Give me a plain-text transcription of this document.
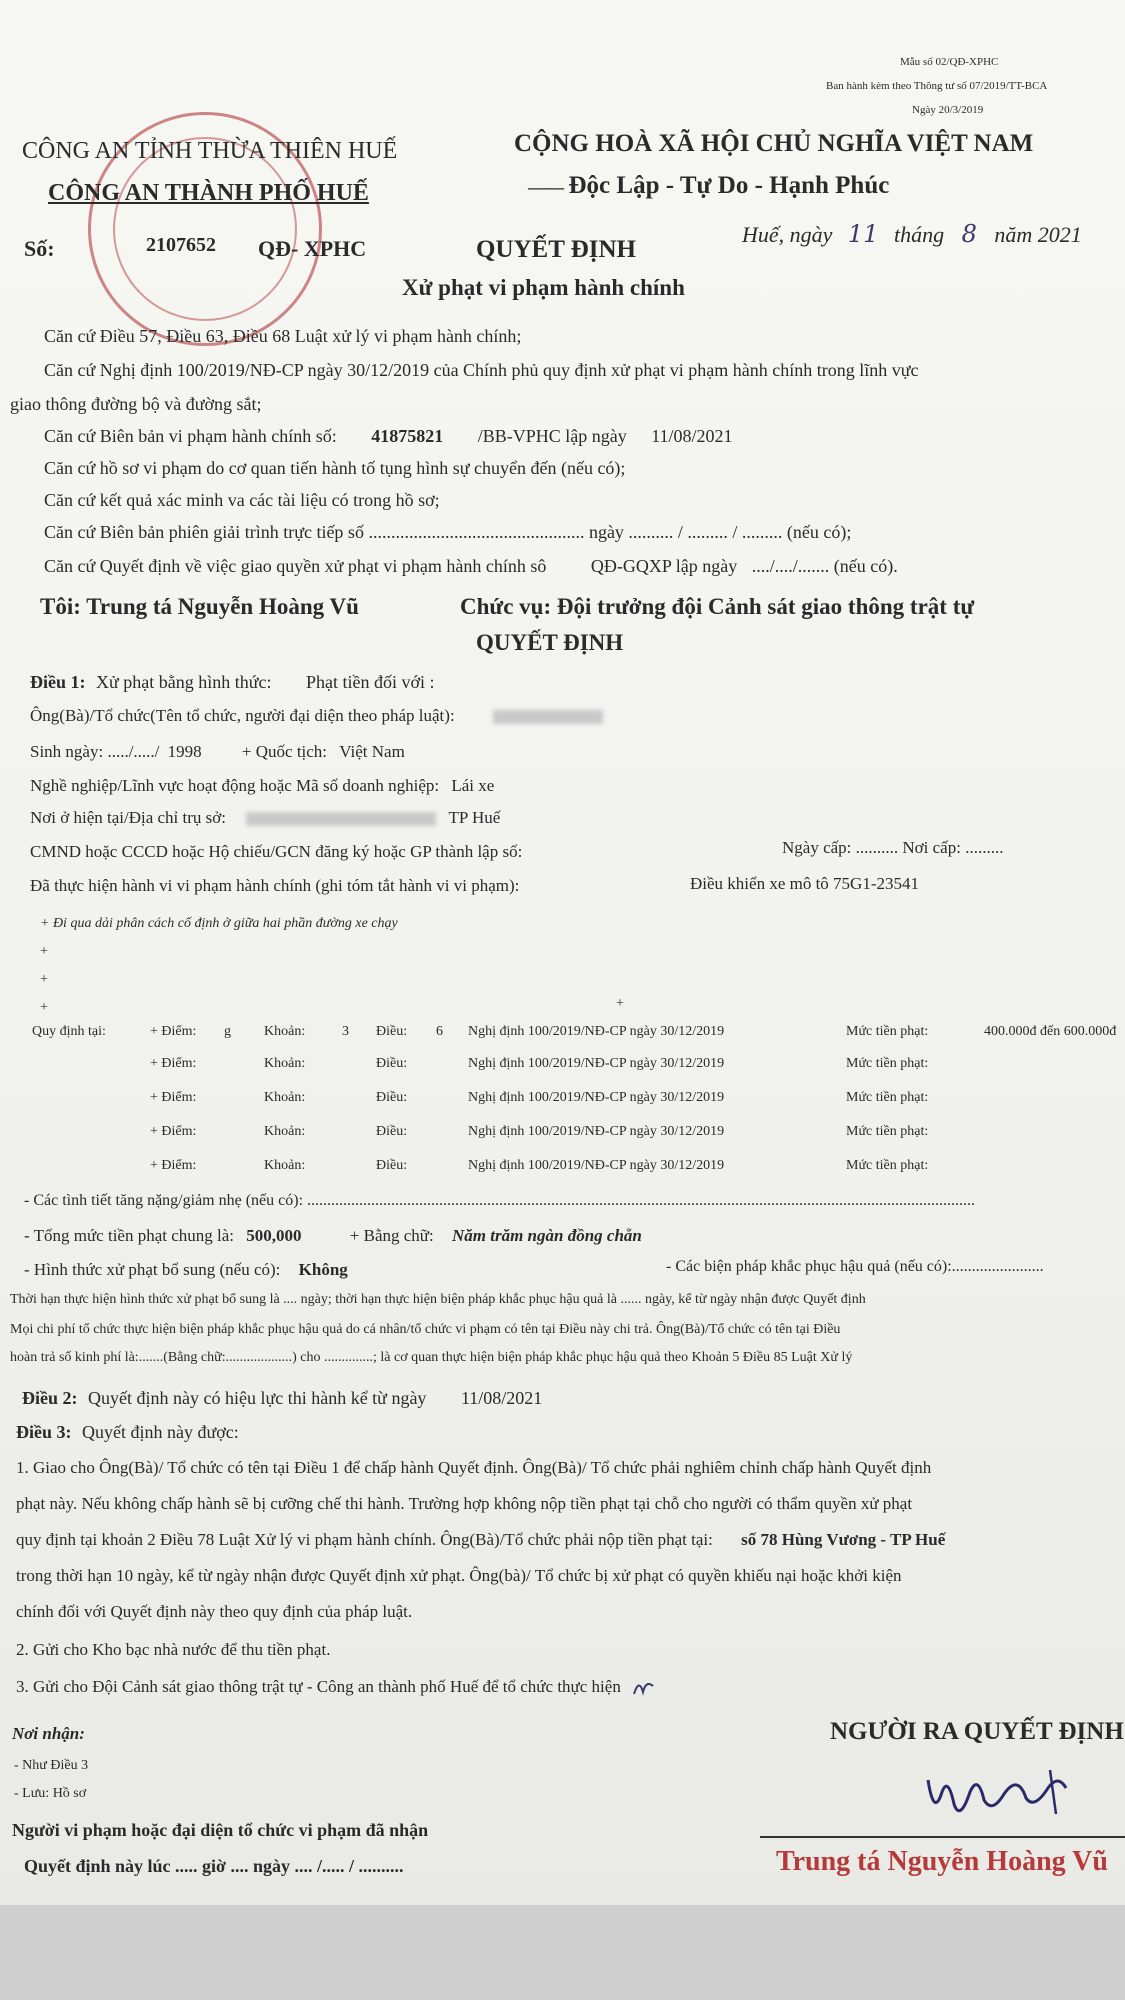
Mẫu số 02/QĐ-XPHC
Ban hành kèm theo Thông tư số 07/2019/TT-BCA
Ngày 20/3/2019
CÔNG AN TỈNH THỪA THIÊN HUẾ
CÔNG AN THÀNH PHỐ HUẾ
CỘNG HOÀ XÃ HỘI CHỦ NGHĨA VIỆT NAM
—— Độc Lập - Tự Do - Hạnh Phúc
Số:	2107652 QĐ- XPHC	QUYẾT ĐỊNH
Huế, ngày 11 tháng 8 năm 2021
Xử phạt vi phạm hành chính
Căn cứ Điều 57, Điều 63, Điều 68 Luật xử lý vi phạm hành chính;
Căn cứ Nghị định 100/2019/NĐ-CP ngày 30/12/2019 của Chính phủ quy định xử phạt vi phạm hành chính trong lĩnh vực
giao thông đường bộ và đường sắt;
Căn cứ Biên bản vi phạm hành chính số: 41875821 /BB-VPHC lập ngày 11/08/2021
Căn cứ hồ sơ vi phạm do cơ quan tiến hành tố tụng hình sự chuyển đến (nếu có);
Căn cứ kết quả xác minh va các tài liệu có trong hồ sơ;
Căn cứ Biên bản phiên giải trình trực tiếp số ................................................ ngày .......... / ......... / ......... (nếu có);
Căn cứ Quyết định về việc giao quyền xử phạt vi phạm hành chính sô QĐ-GQXP lập ngày ..../..../....... (nếu có).
Tôi: Trung tá Nguyễn Hoàng Vũ	Chức vụ: Đội trưởng đội Cảnh sát giao thông trật tự
QUYẾT ĐỊNH
Điều 1: Xử phạt bằng hình thức: Phạt tiền đối với :
Ông(Bà)/Tổ chức(Tên tổ chức, người đại diện theo pháp luật):
Sinh ngày: ...../...../ 1998 + Quốc tịch: Việt Nam
Nghề nghiệp/Lĩnh vực hoạt động hoặc Mã số doanh nghiệp: Lái xe
Nơi ở hiện tại/Địa chỉ trụ sở:	TP Huế
CMND hoặc CCCD hoặc Hộ chiếu/GCN đăng ký hoặc GP thành lập số:	Ngày cấp: .......... Nơi cấp: .........
Đã thực hiện hành vi vi phạm hành chính (ghi tóm tắt hành vi vi phạm):	Điều khiển xe mô tô 75G1-23541
+ Đi qua dải phân cách cố định ở giữa hai phần đường xe chạy
+
+
+	+
Quy định tại:	+ Điểm: g Khoản:	3 Điều: 6 Nghị định 100/2019/NĐ-CP ngày 30/12/2019	Mức tiền phạt:	400.000đ đến 600.000đ
+ Điểm:	Khoản:	Điều:	Nghị định 100/2019/NĐ-CP ngày 30/12/2019	Mức tiền phạt:
+ Điểm:	Khoản:	Điều:	Nghị định 100/2019/NĐ-CP ngày 30/12/2019	Mức tiền phạt:
+ Điểm:	Khoản:	Điều:	Nghị định 100/2019/NĐ-CP ngày 30/12/2019	Mức tiền phạt:
+ Điểm:	Khoản:	Điều:	Nghị định 100/2019/NĐ-CP ngày 30/12/2019	Mức tiền phạt:
- Các tình tiết tăng nặng/giảm nhẹ (nếu có): .......................................................................................................................................................................
- Tổng mức tiền phạt chung là: 500,000	+ Bằng chữ: Năm trăm ngàn đồng chẵn
- Hình thức xử phạt bổ sung (nếu có): Không	- Các biện pháp khắc phục hậu quả (nếu có):.......................
Thời hạn thực hiện hình thức xử phạt bổ sung là .... ngày; thời hạn thực hiện biện pháp khắc phục hậu quả là ...... ngày, kể từ ngày nhận được Quyết định
Mọi chi phí tổ chức thực hiện biện pháp khắc phục hậu quả do cá nhân/tổ chức vi phạm có tên tại Điều này chi trả. Ông(Bà)/Tổ chức có tên tại Điều
hoàn trả số kinh phí là:.......(Bằng chữ:...................) cho ..............; là cơ quan thực hiện biện pháp khắc phục hậu quả theo Khoản 5 Điều 85 Luật Xử lý
Điều 2: Quyết định này có hiệu lực thi hành kể từ ngày 11/08/2021
Điều 3: Quyết định này được:
1. Giao cho Ông(Bà)/ Tổ chức có tên tại Điều 1 để chấp hành Quyết định. Ông(Bà)/ Tổ chức phải nghiêm chỉnh chấp hành Quyết định
phạt này. Nếu không chấp hành sẽ bị cưỡng chế thi hành. Trường hợp không nộp tiền phạt tại chỗ cho người có thẩm quyền xử phạt
quy định tại khoản 2 Điều 78 Luật Xử lý vi phạm hành chính. Ông(Bà)/Tổ chức phải nộp tiền phạt tại: số 78 Hùng Vương - TP Huế
trong thời hạn 10 ngày, kể từ ngày nhận được Quyết định xử phạt. Ông(bà)/ Tổ chức bị xử phạt có quyền khiếu nại hoặc khởi kiện
chính đối với Quyết định này theo quy định của pháp luật.
2. Gửi cho Kho bạc nhà nước để thu tiền phạt.
3. Gửi cho Đội Cảnh sát giao thông trật tự - Công an thành phố Huế để tổ chức thực hiện
Nơi nhận:
- Như Điều 3
- Lưu: Hồ sơ
Người vi phạm hoặc đại diện tổ chức vi phạm đã nhận
Quyết định này lúc ..... giờ .... ngày .... /..... / ..........
NGƯỜI RA QUYẾT ĐỊNH
Trung tá Nguyễn Hoàng Vũ
